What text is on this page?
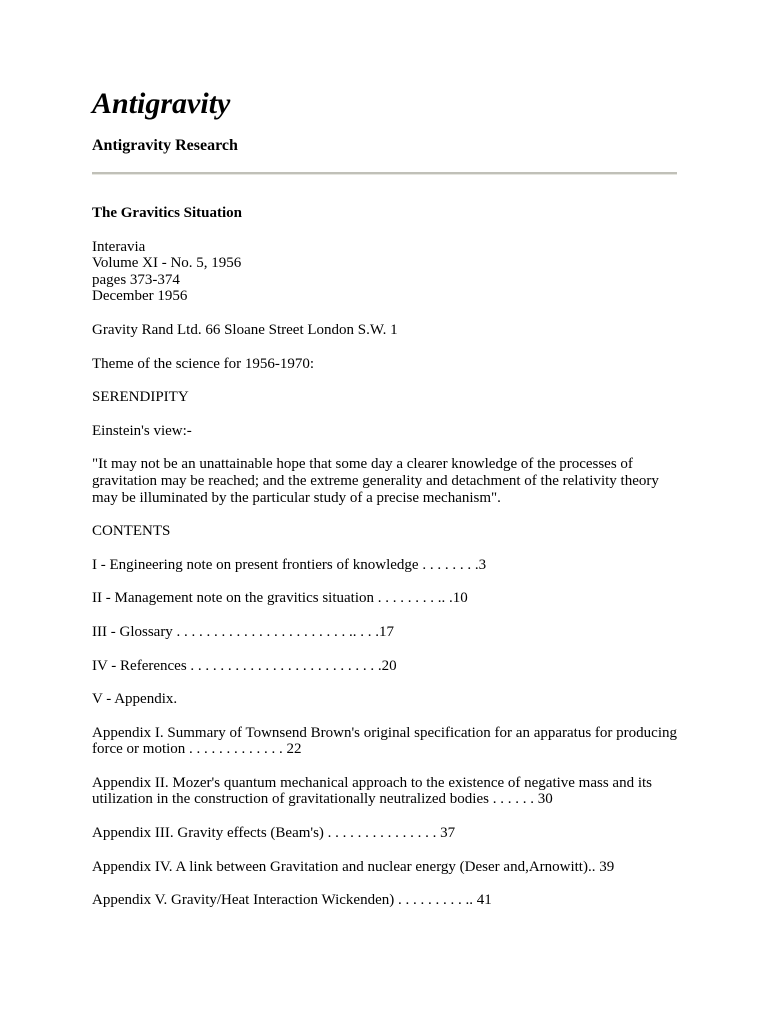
Antigravity
Antigravity Research

The Gravitics Situation

Interavia
Volume XI - No. 5, 1956
pages 373-374
December 1956

Gravity Rand Ltd. 66 Sloane Street London S.W. 1

Theme of the science for 1956-1970:

SERENDIPITY

Einstein's view:-

"It may not be an unattainable hope that some day a clearer knowledge of the processes of gravitation may be reached; and the extreme generality and detachment of the relativity theory may be illuminated by the particular study of a precise mechanism".

CONTENTS

I - Engineering note on present frontiers of knowledge . . . . . . . .3

II - Management note on the gravitics situation . . . . . . . . .. .10

III - Glossary . . . . . . . . . . . . . . . . . . . . . . . .. . . .17

IV - References . . . . . . . . . . . . . . . . . . . . . . . . . .20

V - Appendix.

Appendix I. Summary of Townsend Brown's original specification for an apparatus for producing force or motion . . . . . . . . . . . . . 22

Appendix II. Mozer's quantum mechanical approach to the existence of negative mass and its utilization in the construction of gravitationally neutralized bodies . . . . . . 30

Appendix III. Gravity effects (Beam's) . . . . . . . . . . . . . . . 37

Appendix IV. A link between Gravitation and nuclear energy (Deser and,Arnowitt).. 39

Appendix V. Gravity/Heat Interaction Wickenden) . . . . . . . . . .. 41
